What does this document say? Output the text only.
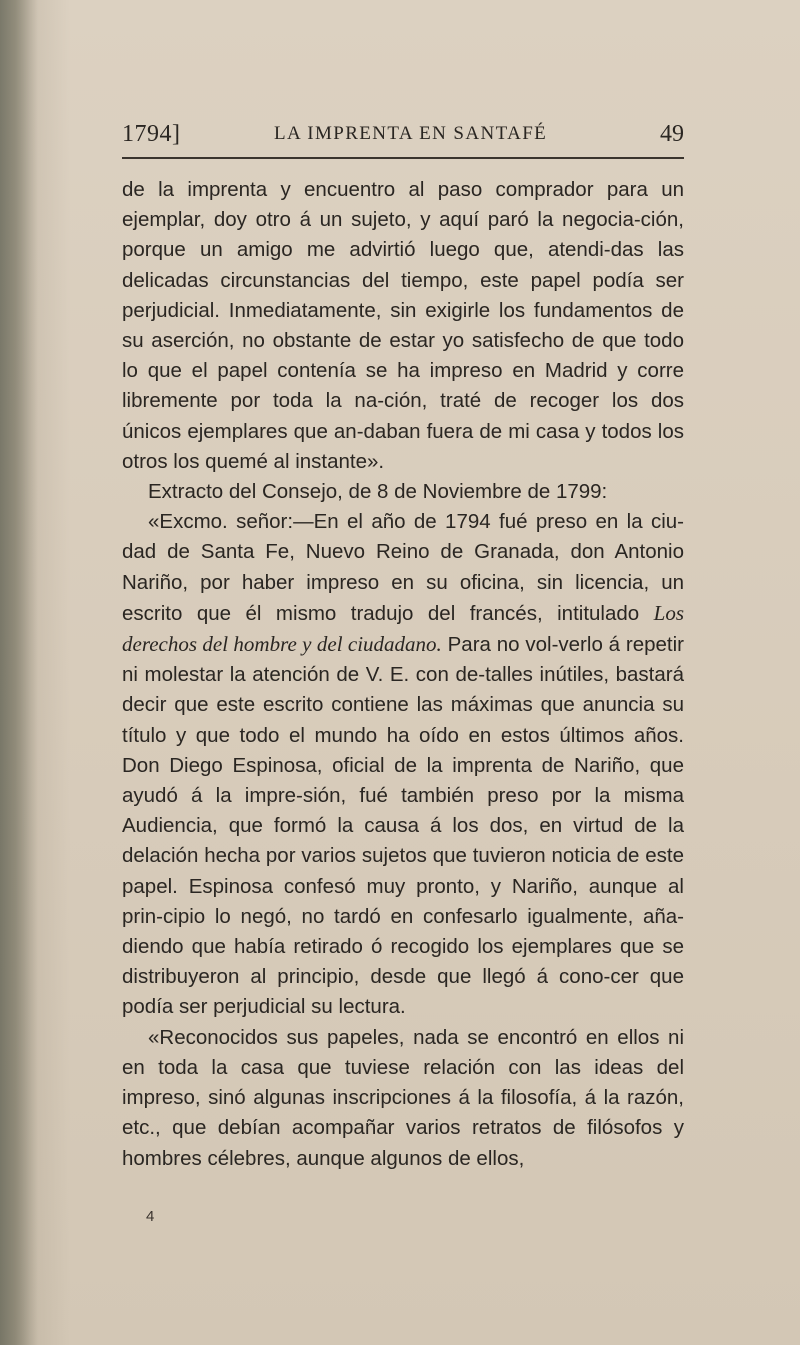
1794]	LA IMPRENTA EN SANTAFÉ	49

de la imprenta y encuentro al paso comprador para un ejemplar, doy otro á un sujeto, y aquí paró la negocia-ción, porque un amigo me advirtió luego que, atendi-das las delicadas circunstancias del tiempo, este papel podía ser perjudicial. Inmediatamente, sin exigirle los fundamentos de su aserción, no obstante de estar yo satisfecho de que todo lo que el papel contenía se ha impreso en Madrid y corre libremente por toda la na-ción, traté de recoger los dos únicos ejemplares que an-daban fuera de mi casa y todos los otros los quemé al instante».

Extracto del Consejo, de 8 de Noviembre de 1799:

«Excmo. señor:—En el año de 1794 fué preso en la ciu-dad de Santa Fe, Nuevo Reino de Granada, don Antonio Nariño, por haber impreso en su oficina, sin licencia, un escrito que él mismo tradujo del francés, intitulado Los derechos del hombre y del ciudadano. Para no vol-verlo á repetir ni molestar la atención de V. E. con de-talles inútiles, bastará decir que este escrito contiene las máximas que anuncia su título y que todo el mundo ha oído en estos últimos años. Don Diego Espinosa, oficial de la imprenta de Nariño, que ayudó á la impre-sión, fué también preso por la misma Audiencia, que formó la causa á los dos, en virtud de la delación hecha por varios sujetos que tuvieron noticia de este papel. Espinosa confesó muy pronto, y Nariño, aunque al prin-cipio lo negó, no tardó en confesarlo igualmente, aña-diendo que había retirado ó recogido los ejemplares que se distribuyeron al principio, desde que llegó á cono-cer que podía ser perjudicial su lectura.

«Reconocidos sus papeles, nada se encontró en ellos ni en toda la casa que tuviese relación con las ideas del impreso, sinó algunas inscripciones á la filosofía, á la razón, etc., que debían acompañar varios retratos de filósofos y hombres célebres, aunque algunos de ellos,

4
